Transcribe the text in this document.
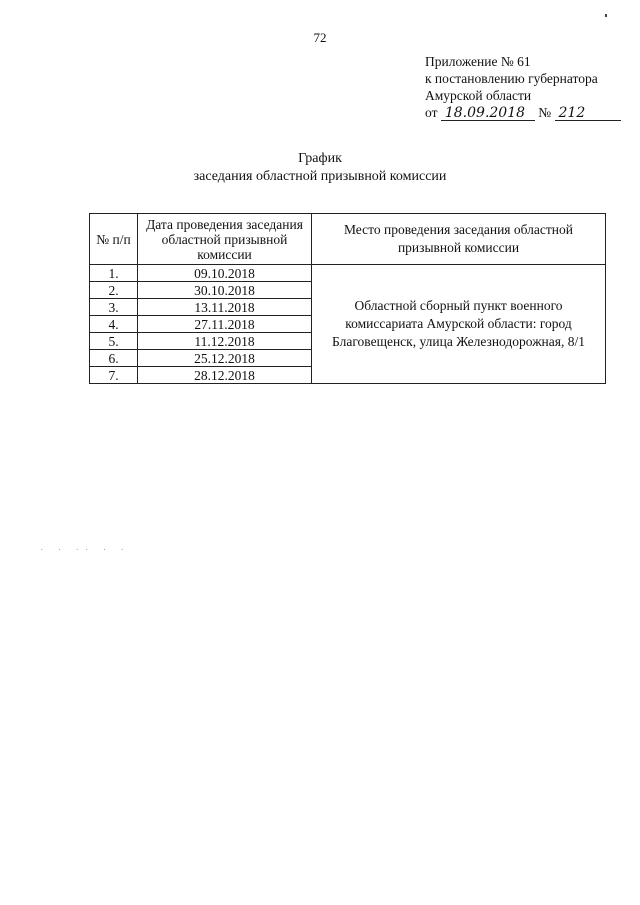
72
Приложение № 61
к постановлению губернатора
Амурской области
от 18.09.2018 № 212
График
заседания областной призывной комиссии
№ п/п	Дата проведения заседания областной призывной комиссии	Место проведения заседания областной призывной комиссии

1.	09.10.2018	Областной сборный пункт военного комиссариата Амурской области: город Благовещенск, улица Железнодорожная, 8/1

2.	30.10.2018	
3.	13.11.2018	
4.	27.11.2018	
5.	11.12.2018	
6.	25.12.2018	
7.	28.12.2018	
· · ·· · ·
